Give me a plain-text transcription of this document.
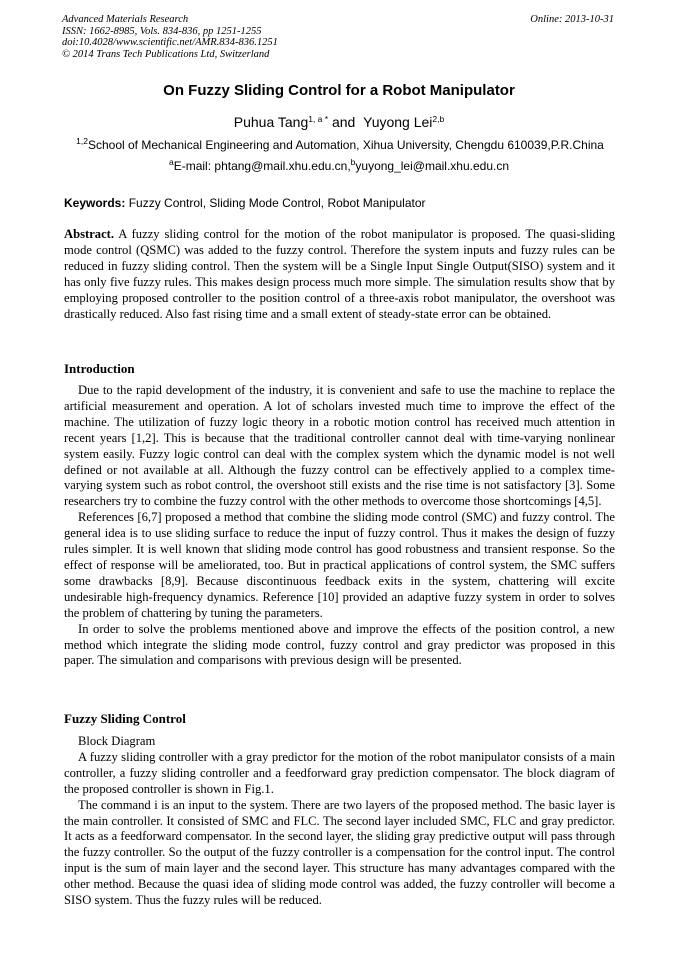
Advanced Materials Research
ISSN: 1662-8985, Vols. 834-836, pp 1251-1255
doi:10.4028/www.scientific.net/AMR.834-836.1251
© 2014 Trans Tech Publications Ltd, Switzerland
Online: 2013-10-31
On Fuzzy Sliding Control for a Robot Manipulator
Puhua Tang$^{1, a *}$ and Yuyong Lei$^{2,b}$
$^{1,2}$School of Mechanical Engineering and Automation, Xihua University, Chengdu 610039,P.R.China
$^a$E-mail: phtang@mail.xhu.edu.cn,$^b$yuyong_lei@mail.xhu.edu.cn
Keywords: Fuzzy Control, Sliding Mode Control, Robot Manipulator

Abstract. A fuzzy sliding control for the motion of the robot manipulator is proposed. The quasi-sliding mode control (QSMC) was added to the fuzzy control. Therefore the system inputs and fuzzy rules can be reduced in fuzzy sliding control. Then the system will be a Single Input Single Output(SISO) system and it has only five fuzzy rules. This makes design process much more simple. The simulation results show that by employing proposed controller to the position control of a three-axis robot manipulator, the overshoot was drastically reduced. Also fast rising time and a small extent of steady-state error can be obtained.

Introduction

Due to the rapid development of the industry, it is convenient and safe to use the machine to replace the artificial measurement and operation. A lot of scholars invested much time to improve the effect of the machine. The utilization of fuzzy logic theory in a robotic motion control has received much attention in recent years [1,2]. This is because that the traditional controller cannot deal with time-varying nonlinear system easily. Fuzzy logic control can deal with the complex system which the dynamic model is not well defined or not available at all. Although the fuzzy control can be effectively applied to a complex time-varying system such as robot control, the overshoot still exists and the rise time is not satisfactory [3]. Some researchers try to combine the fuzzy control with the other methods to overcome those shortcomings [4,5].

References [6,7] proposed a method that combine the sliding mode control (SMC) and fuzzy control. The general idea is to use sliding surface to reduce the input of fuzzy control. Thus it makes the design of fuzzy rules simpler. It is well known that sliding mode control has good robustness and transient response. So the effect of response will be ameliorated, too. But in practical applications of control system, the SMC suffers some drawbacks [8,9]. Because discontinuous feedback exits in the system, chattering will excite undesirable high-frequency dynamics. Reference [10] provided an adaptive fuzzy system in order to solves the problem of chattering by tuning the parameters.

In order to solve the problems mentioned above and improve the effects of the position control, a new method which integrate the sliding mode control, fuzzy control and gray predictor was proposed in this paper. The simulation and comparisons with previous design will be presented.

Fuzzy Sliding Control

Block Diagram

A fuzzy sliding controller with a gray predictor for the motion of the robot manipulator consists of a main controller, a fuzzy sliding controller and a feedforward gray prediction compensator. The block diagram of the proposed controller is shown in Fig.1.

The command i is an input to the system. There are two layers of the proposed method. The basic layer is the main controller. It consisted of SMC and FLC. The second layer included SMC, FLC and gray predictor. It acts as a feedforward compensator. In the second layer, the sliding gray predictive output will pass through the fuzzy controller. So the output of the fuzzy controller is a compensation for the control input. The control input is the sum of main layer and the second layer. This structure has many advantages compared with the other method. Because the quasi idea of sliding mode control was added, the fuzzy controller will become a SISO system. Thus the fuzzy rules will be reduced.
